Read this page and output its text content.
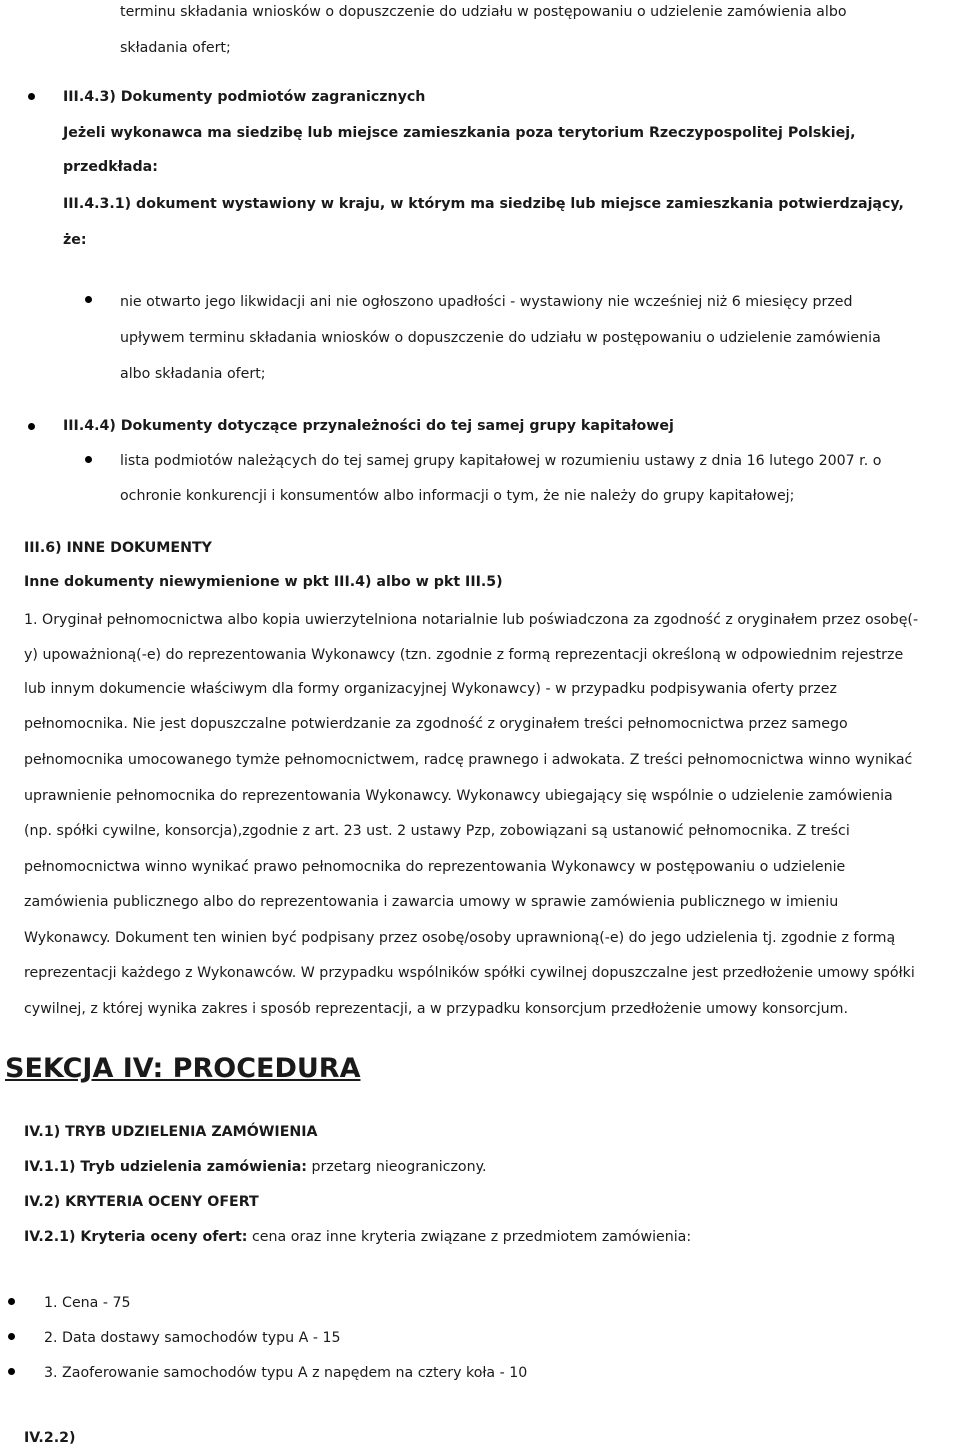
terminu składania wniosków o dopuszczenie do udziału w postępowaniu o udzielenie zamówienia albo
składania ofert;
III.4.3) Dokumenty podmiotów zagranicznych
Jeżeli wykonawca ma siedzibę lub miejsce zamieszkania poza terytorium Rzeczypospolitej Polskiej,
przedkłada:
III.4.3.1) dokument wystawiony w kraju, w którym ma siedzibę lub miejsce zamieszkania potwierdzający,
że:
nie otwarto jego likwidacji ani nie ogłoszono upadłości - wystawiony nie wcześniej niż 6 miesięcy przed
upływem terminu składania wniosków o dopuszczenie do udziału w postępowaniu o udzielenie zamówienia
albo składania ofert;
III.4.4) Dokumenty dotyczące przynależności do tej samej grupy kapitałowej
lista podmiotów należących do tej samej grupy kapitałowej w rozumieniu ustawy z dnia 16 lutego 2007 r. o
ochronie konkurencji i konsumentów albo informacji o tym, że nie należy do grupy kapitałowej;
III.6) INNE DOKUMENTY
Inne dokumenty niewymienione w pkt III.4) albo w pkt III.5)
1. Oryginał pełnomocnictwa albo kopia uwierzytelniona notarialnie lub poświadczona za zgodność z oryginałem przez osobę(-
y) upoważnioną(-e) do reprezentowania Wykonawcy (tzn. zgodnie z formą reprezentacji określoną w odpowiednim rejestrze
lub innym dokumencie właściwym dla formy organizacyjnej Wykonawcy) - w przypadku podpisywania oferty przez
pełnomocnika. Nie jest dopuszczalne potwierdzanie za zgodność z oryginałem treści pełnomocnictwa przez samego
pełnomocnika umocowanego tymże pełnomocnictwem, radcę prawnego i adwokata. Z treści pełnomocnictwa winno wynikać
uprawnienie pełnomocnika do reprezentowania Wykonawcy. Wykonawcy ubiegający się wspólnie o udzielenie zamówienia
(np. spółki cywilne, konsorcja),zgodnie z art. 23 ust. 2 ustawy Pzp, zobowiązani są ustanowić pełnomocnika. Z treści
pełnomocnictwa winno wynikać prawo pełnomocnika do reprezentowania Wykonawcy w postępowaniu o udzielenie
zamówienia publicznego albo do reprezentowania i zawarcia umowy w sprawie zamówienia publicznego w imieniu
Wykonawcy. Dokument ten winien być podpisany przez osobę/osoby uprawnioną(-e) do jego udzielenia tj. zgodnie z formą
reprezentacji każdego z Wykonawców. W przypadku wspólników spółki cywilnej dopuszczalne jest przedłożenie umowy spółki
cywilnej, z której wynika zakres i sposób reprezentacji, a w przypadku konsorcjum przedłożenie umowy konsorcjum.
SEKCJA IV: PROCEDURA
IV.1) TRYB UDZIELENIA ZAMÓWIENIA
IV.1.1) Tryb udzielenia zamówienia: przetarg nieograniczony.
IV.2) KRYTERIA OCENY OFERT
IV.2.1) Kryteria oceny ofert: cena oraz inne kryteria związane z przedmiotem zamówienia:
1. Cena - 75
2. Data dostawy samochodów typu A - 15
3. Zaoferowanie samochodów typu A z napędem na cztery koła - 10
IV.2.2)
